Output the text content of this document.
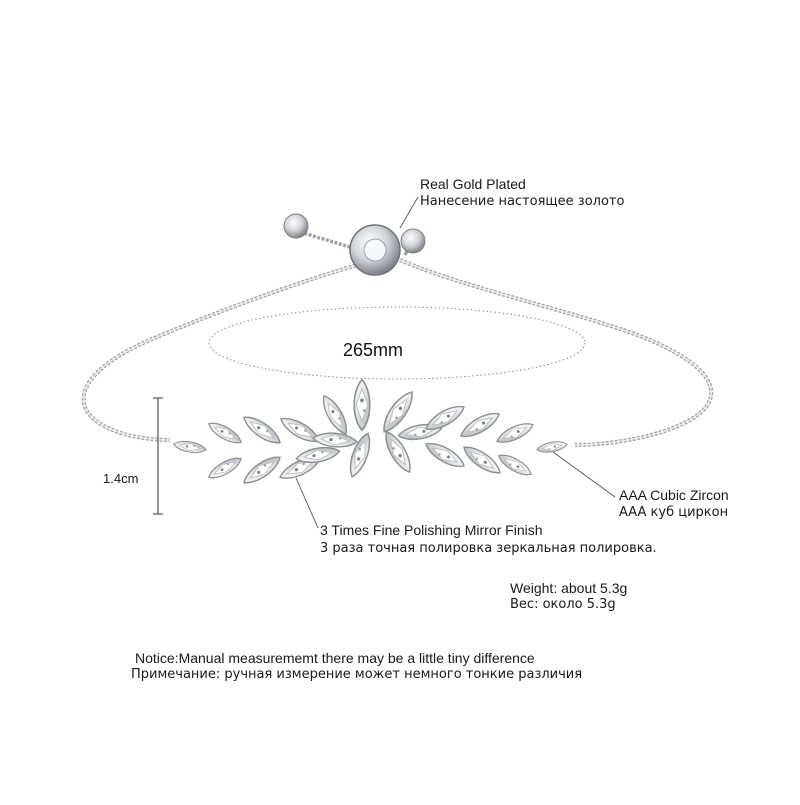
Real Gold Plated
Нанесение настоящее золото
265mm
1.4cm
AAA Cubic Zircon
AAA куб циркон
3 Times Fine Polishing Mirror Finish
3 раза точная полировка зеркальная полировка.
Weight: about 5.3g
Вес: около 5.3g
Notice:Manual measurememt there may be a little tiny difference
Примечание: ручная измерение может немного тонкие различия
